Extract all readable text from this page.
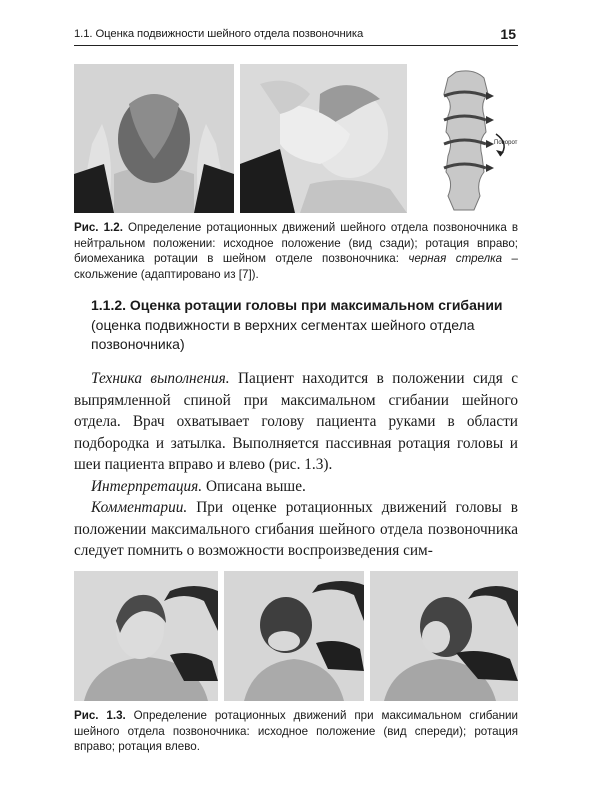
1.1. Оценка подвижности шейного отдела позвоночника	15
Поворот
Рис. 1.2. Определение ротационных движений шейного отдела позвоночника в нейтральном положении: исходное положение (вид сзади); ротация вправо; биомеханика ротации в шейном отделе позвоночника: черная стрелка – скольжение (адаптировано из [7]).
1.1.2. Оценка ротации головы при максимальном сгибании
(оценка подвижности в верхних сегментах шейного отдела позвоночника)

Техника выполнения. Пациент находится в положении сидя с выпрямленной спиной при максимальном сгибании шейного отдела. Врач охватывает голову пациента руками в области подбородка и затылка. Выполняется пассивная ротация головы и шеи пациента вправо и влево (рис. 1.3).

Интерпретация. Описана выше.

Комментарии. При оценке ротационных движений головы в положении максимального сгибания шейного отдела позвоночника следует помнить о возможности воспроизведения сим-

Рис. 1.3. Определение ротационных движений при максимальном сгибании шейного отдела позвоночника: исходное положение (вид спереди); ротация вправо; ротация влево.
